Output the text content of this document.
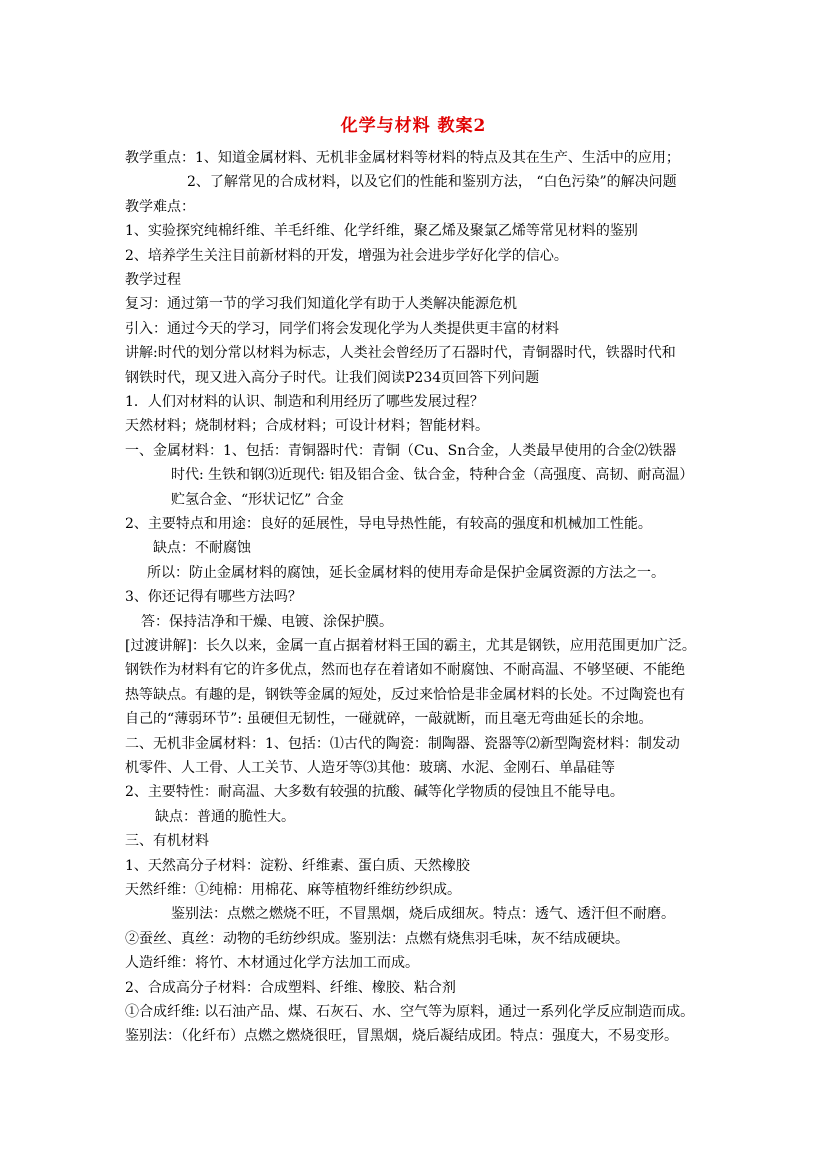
化学与材料 教案2
教学重点：1、知道金属材料、无机非金属材料等材料的特点及其在生产、生活中的应用；
2、了解常见的合成材料，以及它们的性能和鉴别方法， “白色污染”的解决问题
教学难点：
1、实验探究纯棉纤维、羊毛纤维、化学纤维，聚乙烯及聚氯乙烯等常见材料的鉴别
2、培养学生关注目前新材料的开发，增强为社会进步学好化学的信心。
教学过程
复习：通过第一节的学习我们知道化学有助于人类解决能源危机
引入：通过今天的学习，同学们将会发现化学为人类提供更丰富的材料
讲解:时代的划分常以材料为标志，人类社会曾经历了石器时代，青铜器时代，铁器时代和
钢铁时代，现又进入高分子时代。让我们阅读P234页回答下列问题
1．人们对材料的认识、制造和利用经历了哪些发展过程？
天然材料；烧制材料；合成材料；可设计材料；智能材料。
一、金属材料：1、包括：青铜器时代：青铜（Cu、Sn合金，人类最早使用的合金⑵铁器
时代: 生铁和钢⑶近现代: 铝及铝合金、钛合金，特种合金（高强度、高韧、耐高温）
贮氢合金、“形状记忆” 合金
2、主要特点和用途：良好的延展性，导电导热性能，有较高的强度和机械加工性能。
缺点：不耐腐蚀
所以：防止金属材料的腐蚀，延长金属材料的使用寿命是保护金属资源的方法之一。
3、你还记得有哪些方法吗？
答：保持洁净和干燥、电镀、涂保护膜。
[过渡讲解]：长久以来，金属一直占据着材料王国的霸主，尤其是钢铁，应用范围更加广泛。
钢铁作为材料有它的许多优点，然而也存在着诸如不耐腐蚀、不耐高温、不够坚硬、不能绝
热等缺点。有趣的是，钢铁等金属的短处，反过来恰恰是非金属材料的长处。不过陶瓷也有
自己的“薄弱环节”: 虽硬但无韧性，一碰就碎，一敲就断，而且毫无弯曲延长的余地。
二、无机非金属材料：1、包括：⑴古代的陶瓷：制陶器、瓷器等⑵新型陶瓷材料：制发动
机零件、人工骨、人工关节、人造牙等⑶其他：玻璃、水泥、金刚石、单晶硅等
2、主要特性：耐高温、大多数有较强的抗酸、碱等化学物质的侵蚀且不能导电。
缺点：普通的脆性大。
三、有机材料
1、天然高分子材料：淀粉、纤维素、蛋白质、天然橡胶
天然纤维：①纯棉：用棉花、麻等植物纤维纺纱织成。
鉴别法：点燃之燃烧不旺，不冒黑烟，烧后成细灰。特点：透气、透汗但不耐磨。
②蚕丝、真丝：动物的毛纺纱织成。鉴别法：点燃有烧焦羽毛味，灰不结成硬块。
人造纤维：将竹、木材通过化学方法加工而成。
2、合成高分子材料：合成塑料、纤维、橡胶、粘合剂
①合成纤维: 以石油产品、煤、石灰石、水、空气等为原料，通过一系列化学反应制造而成。
鉴别法：（化纤布）点燃之燃烧很旺，冒黑烟，烧后凝结成团。特点：强度大，不易变形。
